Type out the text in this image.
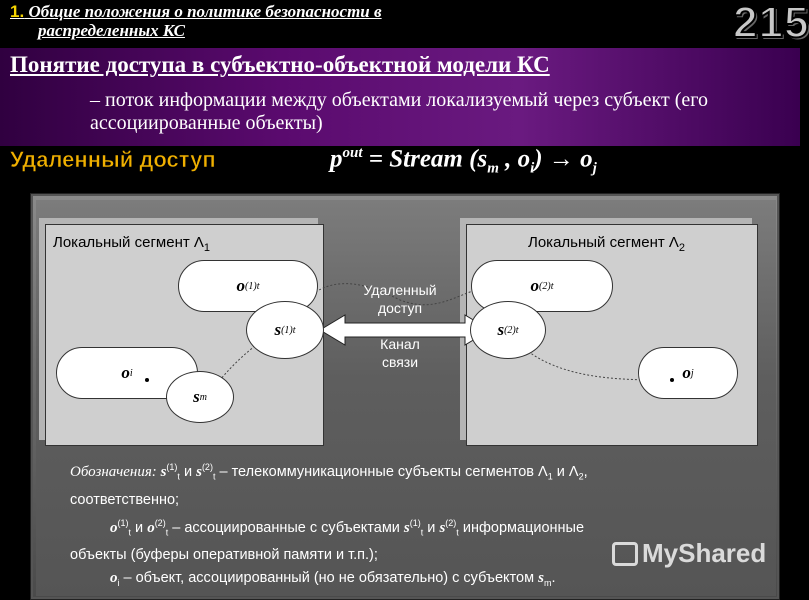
1. Общие положения о политике безопасности в
распределенных КС	215
Понятие доступа в субъектно-объектной модели КС
– поток информации между объектами локализуемый через субъект (его ассоциированные объекты)
Удаленный доступ	$p^{out}$ = Stream ($s_m$ , $o_i) \to o_j$
Локальный сегмент $\Lambda_1$	Локальный сегмент $\Lambda_2$
o (1) t
s (1) t
o i
s m
o (2) t
s (2) t
o j
Удаленный
доступ
Канал
связи
Обозначения: $s^{(1)}_t$ и $s^{(2)}_t$ – телекоммуникационные субъекты сегментов $\Lambda_1$ и $\Lambda_2$,
соответственно;
$o^{(1)}_t$ и $o^{(2)}_t$ – ассоциированные с субъектами $s^{(1)}_t$ и $s^{(2)}_t$ информационные
объекты (буферы оперативной памяти и т.п.);
$o_i$ – объект, ассоциированный (но не обязательно) с субъектом $s_m$.
MyShared
